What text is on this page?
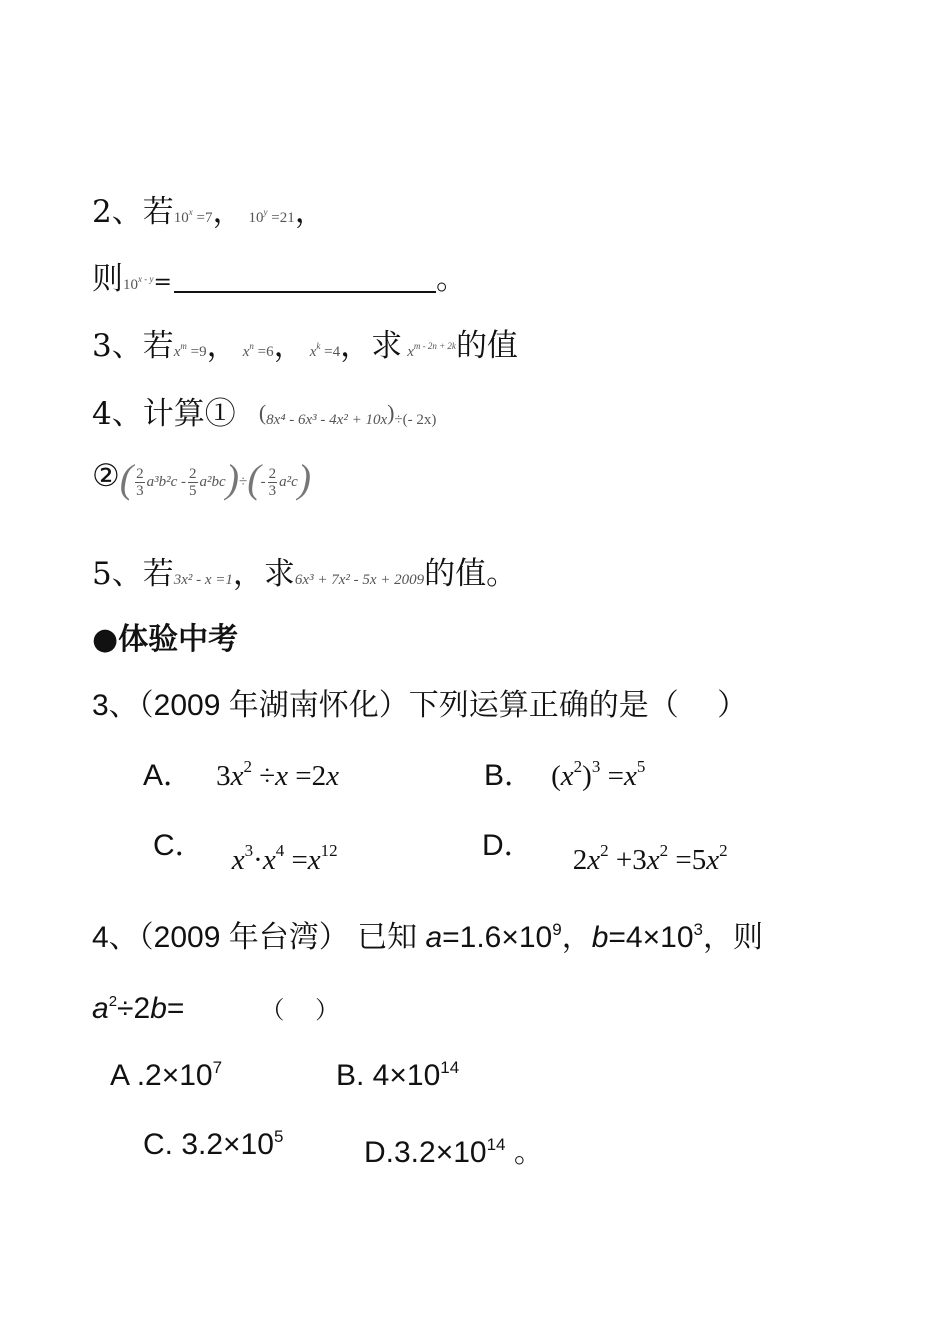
2、若$10^x =7$， $10^y =21$，
则$10^{x - y}=$	。
3、若$x^m =9$， $x^n =6$， $x^k =4$，求 $x^{m - 2n + 2k}$的值
4、计算① (8x⁴ - 6x³ - 4x² + 10x)÷(- 2x)
②( $\frac{2}{3} a^3b^2c - \frac{2}{5} a^2bc)\div(- \frac{2}{3} a^2c)$
5、若3x² - x =1，求6x³ + 7x² - 5x + 2009的值。
●体验中考
3、（2009 年湖南怀化）下列运算正确的是（　 ）
A． $3x^2 \div x =2x$	B． $(x^2)^3 =x^5$
C． $x^3\cdot x^4 =x^{12}$	D． $2x^2 +3x^2 =5x^2$
4、（2009 年台湾） 已知 $a=1.6\times 10^9$，$b=4\times 10^3$，则
$a^2\div 2b=$	（　 ）
A $.2\times 10^7$	B. $4\times 10^{14}$
C. $3.2\times 10^5$	$D.3.2\times 10^{14}$ 。
